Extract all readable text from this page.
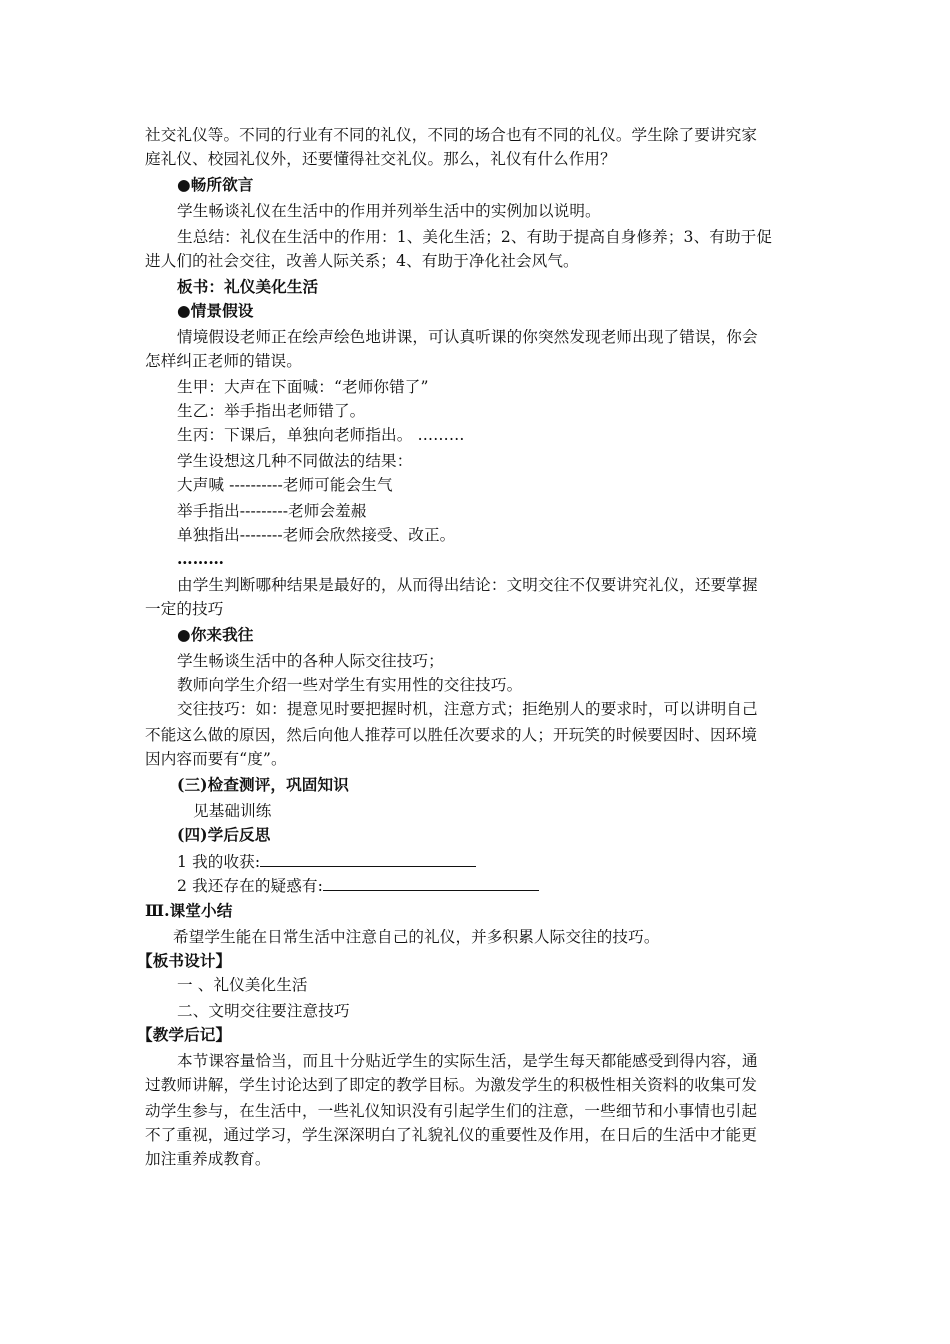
社交礼仪等。不同的行业有不同的礼仪，不同的场合也有不同的礼仪。学生除了要讲究家
庭礼仪、校园礼仪外，还要懂得社交礼仪。那么，礼仪有什么作用？
●畅所欲言
学生畅谈礼仪在生活中的作用并列举生活中的实例加以说明。
生总结：礼仪在生活中的作用：1、美化生活；2、有助于提高自身修养；3、有助于促
进人们的社会交往，改善人际关系；4、有助于净化社会风气。
板书：礼仪美化生活
●情景假设
情境假设老师正在绘声绘色地讲课，可认真听课的你突然发现老师出现了错误，你会
怎样纠正老师的错误。
生甲：大声在下面喊：“老师你错了”
生乙：举手指出老师错了。
生丙：下课后，单独向老师指出。 ………
学生设想这几种不同做法的结果：
大声喊 ----------老师可能会生气
举手指出---------老师会羞赧
单独指出--------老师会欣然接受、改正。
………
由学生判断哪种结果是最好的，从而得出结论：文明交往不仅要讲究礼仪，还要掌握
一定的技巧
●你来我往
学生畅谈生活中的各种人际交往技巧；
教师向学生介绍一些对学生有实用性的交往技巧。
交往技巧：如：提意见时要把握时机，注意方式；拒绝别人的要求时，可以讲明自己
不能这么做的原因，然后向他人推荐可以胜任次要求的人；开玩笑的时候要因时、因环境
因内容而要有“度”。
(三)检查测评，巩固知识
见基础训练
(四)学后反思
1 我的收获:
2 我还存在的疑惑有:
Ⅲ.课堂小结
希望学生能在日常生活中注意自己的礼仪，并多积累人际交往的技巧。
【板书设计】
一 、礼仪美化生活
二、文明交往要注意技巧
【教学后记】
本节课容量恰当，而且十分贴近学生的实际生活，是学生每天都能感受到得内容，通
过教师讲解，学生讨论达到了即定的教学目标。为激发学生的积极性相关资料的收集可发
动学生参与，在生活中，一些礼仪知识没有引起学生们的注意，一些细节和小事情也引起
不了重视，通过学习，学生深深明白了礼貌礼仪的重要性及作用，在日后的生活中才能更
加注重养成教育。
